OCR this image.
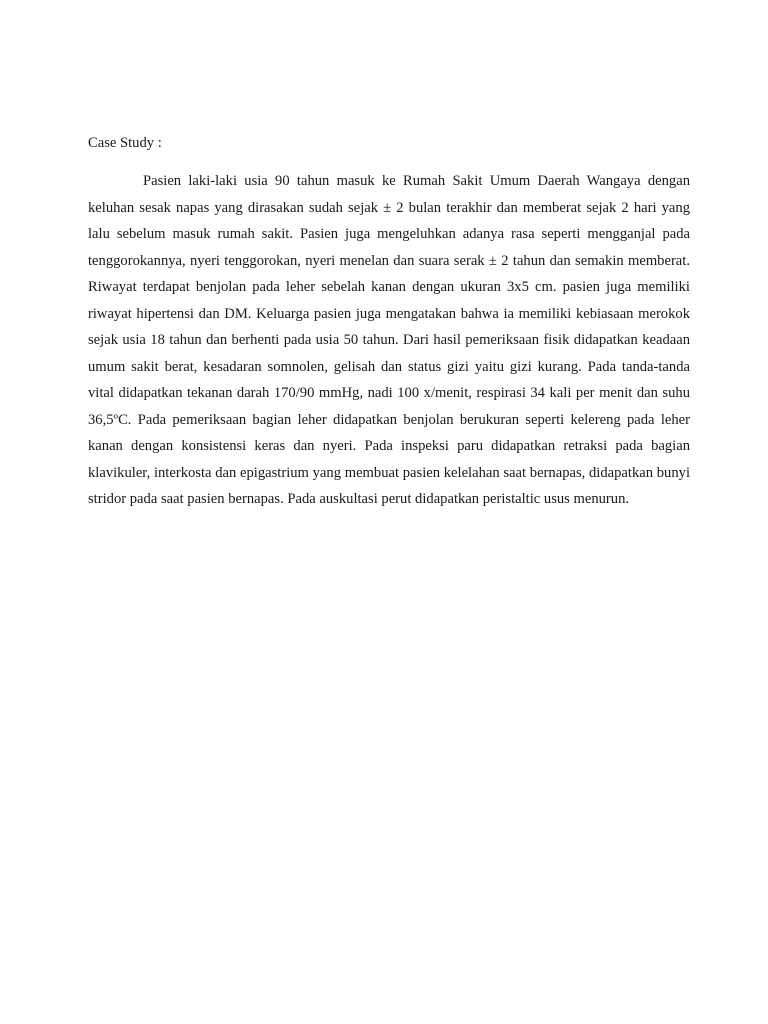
Case Study :

Pasien laki-laki usia 90 tahun masuk ke Rumah Sakit Umum Daerah Wangaya dengan keluhan sesak napas yang dirasakan sudah sejak ± 2 bulan terakhir dan memberat sejak 2 hari yang lalu sebelum masuk rumah sakit. Pasien juga mengeluhkan adanya rasa seperti mengganjal pada tenggorokannya, nyeri tenggorokan, nyeri menelan dan suara serak ± 2 tahun dan semakin memberat. Riwayat terdapat benjolan pada leher sebelah kanan dengan ukuran 3x5 cm. pasien juga memiliki riwayat hipertensi dan DM. Keluarga pasien juga mengatakan bahwa ia memiliki kebiasaan merokok sejak usia 18 tahun dan berhenti pada usia 50 tahun. Dari hasil pemeriksaan fisik didapatkan keadaan umum sakit berat, kesadaran somnolen, gelisah dan status gizi yaitu gizi kurang. Pada tanda-tanda vital didapatkan tekanan darah 170/90 mmHg, nadi 100 x/menit, respirasi 34 kali per menit dan suhu 36,5ºC. Pada pemeriksaan bagian leher didapatkan benjolan berukuran seperti kelereng pada leher kanan dengan konsistensi keras dan nyeri. Pada inspeksi paru didapatkan retraksi pada bagian klavikuler, interkosta dan epigastrium yang membuat pasien kelelahan saat bernapas, didapatkan bunyi stridor pada saat pasien bernapas. Pada auskultasi perut didapatkan peristaltic usus menurun.
